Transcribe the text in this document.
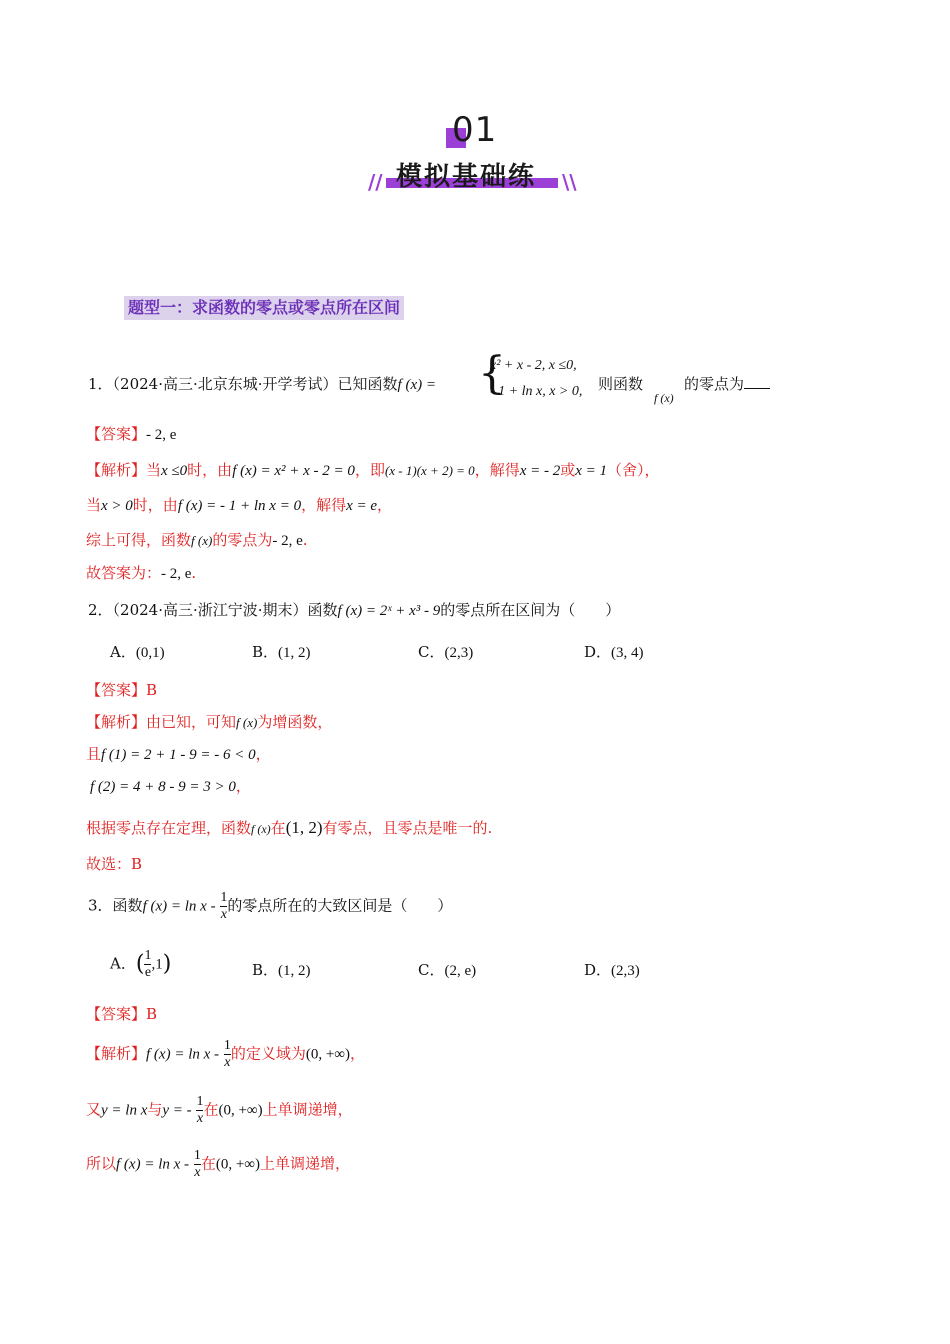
01
// 模拟基础练 \\
题型一：求函数的零点或零点所在区间
1．（2024·高三·北京东城·开学考试）已知函数f (x) = {
x² + x - 2, x ≤0,
- 1 + ln x, x > 0, 则函数
f (x)
的零点为
【答案】- 2, e
【解析】当x ≤0时，由f (x) = x² + x - 2 = 0，即(x - 1)(x + 2) = 0，解得x = - 2或x = 1（舍），
当x > 0时，由f (x) = - 1 + ln x = 0，解得x = e，
综上可得，函数f (x)的零点为- 2, e.
故答案为：- 2, e.
2．（2024·高三·浙江宁波·期末）函数f (x) = 2ˣ + x³ - 9的零点所在区间为（　　）
A．(0,1)	B．(1, 2)	C．(2,3)	D．(3, 4)
【答案】B
【解析】由已知，可知f (x)为增函数，
且f (1) = 2 + 1 - 9 = - 6 < 0，
f (2) = 4 + 8 - 9 = 3 > 0，
根据零点存在定理，函数f (x)在(1, 2)有零点，且零点是唯一的.
故选：B
3．函数f $(x) = \ln x - \frac{1}{x}$ 的零点所在的大致区间是（　　）
A．( $\frac{1}{e} ,1$)	B．(1, 2)	C．(2, e)	D．(2,3)
【答案】B
【解析】f $(x) = \ln x - \frac{1}{x}$ 的定义域为(0, +∞)，
又y = ln x与y = - $\frac{1}{x}$ 在(0, +∞)上单调递增，
所以f $(x) = \ln x - \frac{1}{x}$ 在(0, +∞)上单调递增，
